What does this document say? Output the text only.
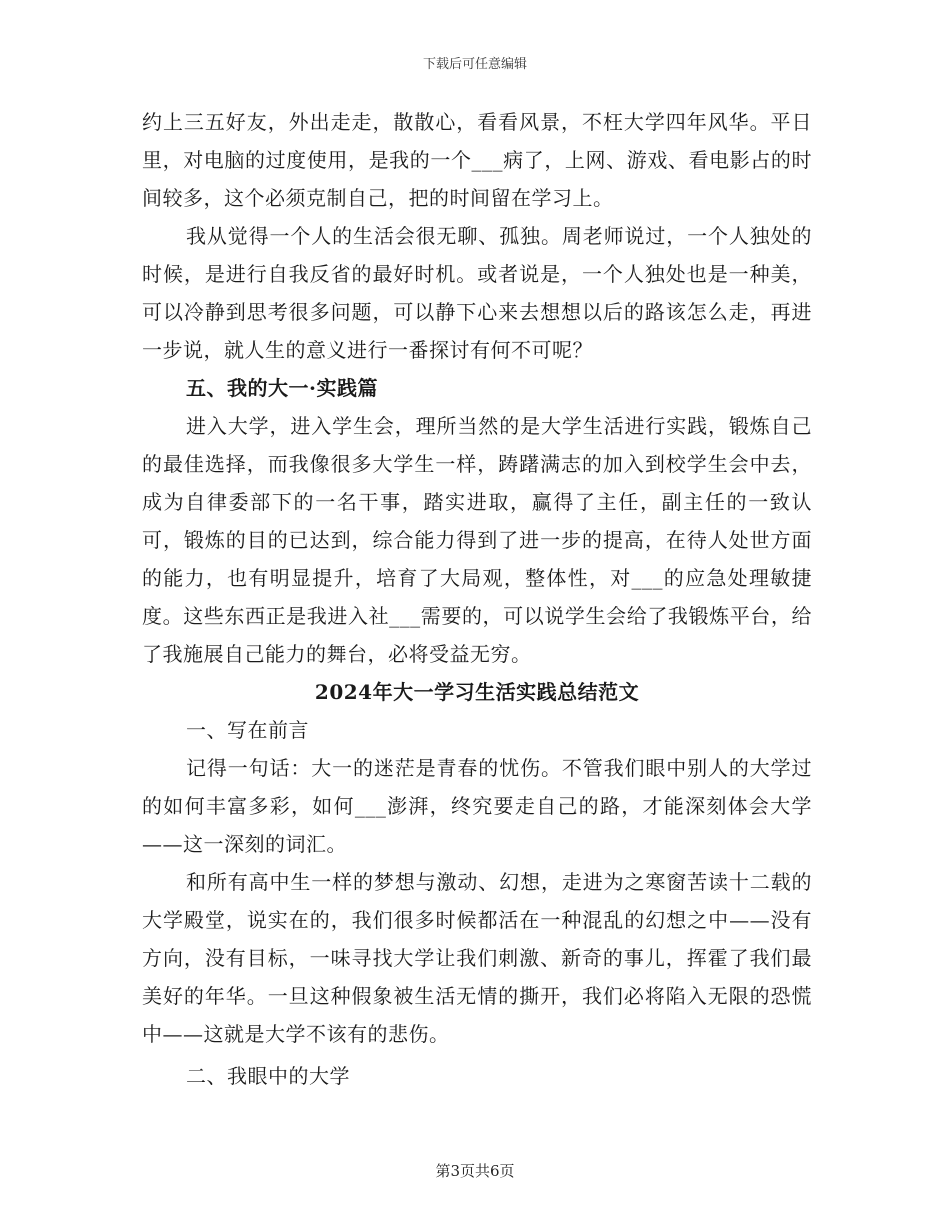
下载后可任意编辑

约上三五好友，外出走走，散散心，看看风景，不枉大学四年风华。平日里，对电脑的过度使用，是我的一个___病了，上网、游戏、看电影占的时间较多，这个必须克制自己，把的时间留在学习上。

我从觉得一个人的生活会很无聊、孤独。周老师说过，一个人独处的时候，是进行自我反省的最好时机。或者说是，一个人独处也是一种美，可以冷静到思考很多问题，可以静下心来去想想以后的路该怎么走，再进一步说，就人生的意义进行一番探讨有何不可呢？

五、我的大一·实践篇

进入大学，进入学生会，理所当然的是大学生活进行实践，锻炼自己的最佳选择，而我像很多大学生一样，踌躇满志的加入到校学生会中去，成为自律委部下的一名干事，踏实进取，赢得了主任，副主任的一致认可，锻炼的目的已达到，综合能力得到了进一步的提高，在待人处世方面的能力，也有明显提升，培育了大局观，整体性，对___的应急处理敏捷度。这些东西正是我进入社___需要的，可以说学生会给了我锻炼平台，给了我施展自己能力的舞台，必将受益无穷。

2024年大一学习生活实践总结范文

一、写在前言

记得一句话：大一的迷茫是青春的忧伤。不管我们眼中别人的大学过的如何丰富多彩，如何___澎湃，终究要走自己的路，才能深刻体会大学——这一深刻的词汇。

和所有高中生一样的梦想与激动、幻想，走进为之寒窗苦读十二载的大学殿堂，说实在的，我们很多时候都活在一种混乱的幻想之中——没有方向，没有目标，一味寻找大学让我们刺激、新奇的事儿，挥霍了我们最美好的年华。一旦这种假象被生活无情的撕开，我们必将陷入无限的恐慌中——这就是大学不该有的悲伤。

二、我眼中的大学

第3页共6页
